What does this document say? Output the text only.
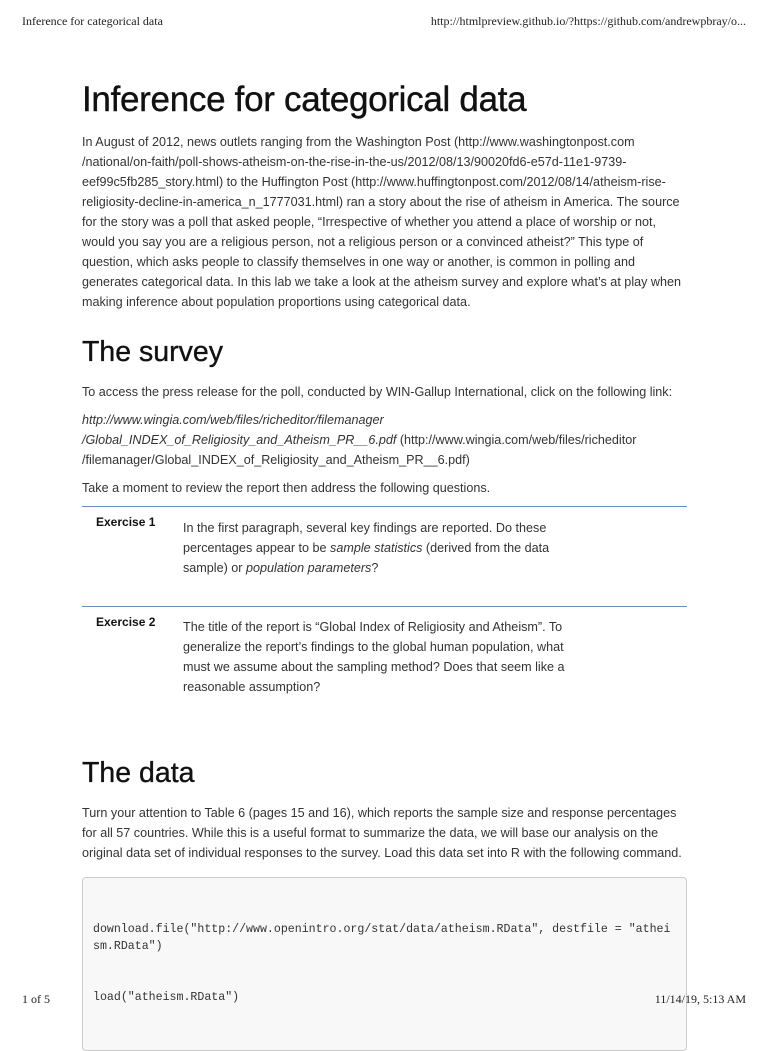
Inference for categorical data	http://htmlpreview.github.io/?https://github.com/andrewpbray/o...
Inference for categorical data

In August of 2012, news outlets ranging from the Washington Post (http://www.washingtonpost.com /national/on-faith/poll-shows-atheism-on-the-rise-in-the-us/2012/08/13/90020fd6-e57d-11e1-9739-eef99c5fb285_story.html) to the Huffington Post (http://www.huffingtonpost.com/2012/08/14/atheism-rise-religiosity-decline-in-america_n_1777031.html) ran a story about the rise of atheism in America. The source for the story was a poll that asked people, “Irrespective of whether you attend a place of worship or not, would you say you are a religious person, not a religious person or a convinced atheist?” This type of question, which asks people to classify themselves in one way or another, is common in polling and generates categorical data. In this lab we take a look at the atheism survey and explore what’s at play when making inference about population proportions using categorical data.

The survey

To access the press release for the poll, conducted by WIN-Gallup International, click on the following link:

http://www.wingia.com/web/files/richeditor/filemanager /Global_INDEX_of_Religiosity_and_Atheism_PR__6.pdf (http://www.wingia.com/web/files/richeditor /filemanager/Global_INDEX_of_Religiosity_and_Atheism_PR__6.pdf)

Take a moment to review the report then address the following questions.

Exercise 1 In the first paragraph, several key findings are reported. Do these percentages appear to be sample statistics (derived from the data sample) or population parameters?
Exercise 2 The title of the report is “Global Index of Religiosity and Atheism”. To generalize the report’s findings to the global human population, what must we assume about the sampling method? Does that seem like a reasonable assumption?
The data

Turn your attention to Table 6 (pages 15 and 16), which reports the sample size and response percentages for all 57 countries. While this is a useful format to summarize the data, we will base our analysis on the original data set of individual responses to the survey. Load this data set into R with the following command.

download.file("http://www.openintro.org/stat/data/atheism.RData", destfile = "atheism.RData")

load("atheism.RData")

1 of 5	11/14/19, 5:13 AM
